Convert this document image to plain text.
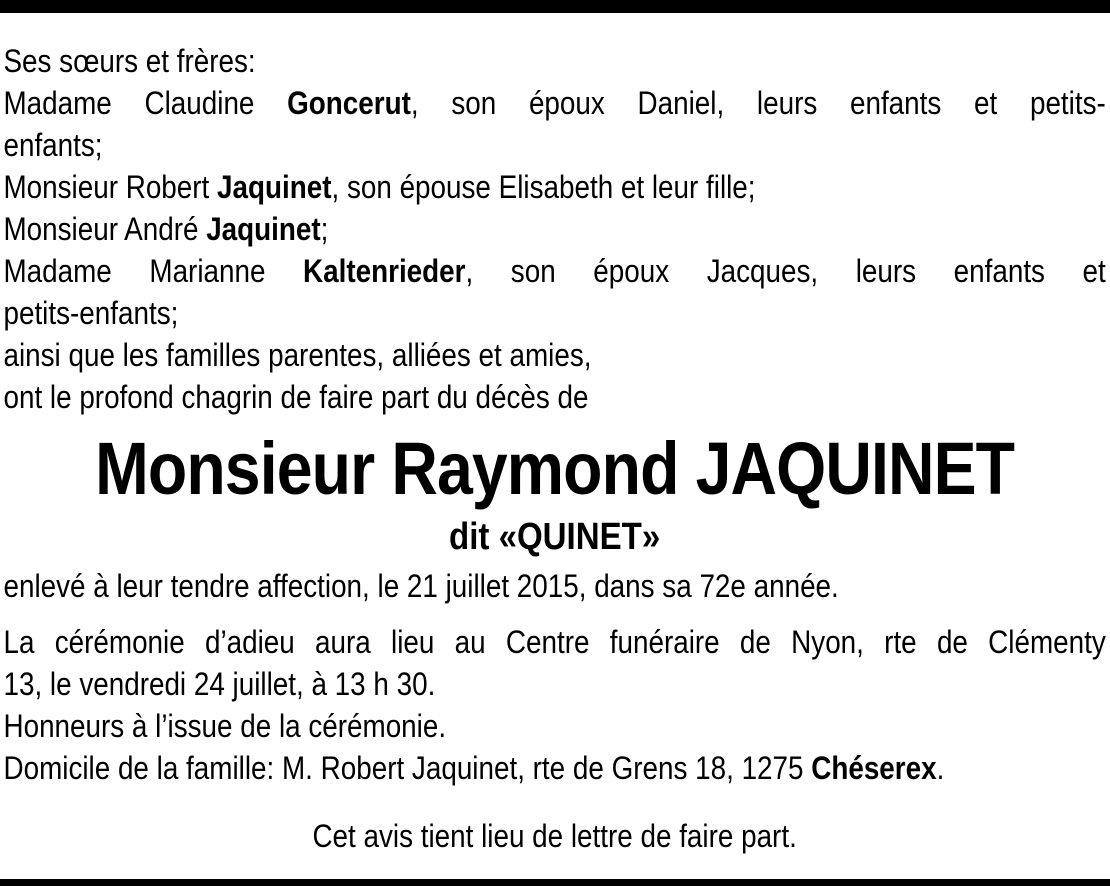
Ses sœurs et frères:
Madame Claudine Goncerut, son époux Daniel, leurs enfants et petits-
enfants;
Monsieur Robert Jaquinet, son épouse Elisabeth et leur fille;
Monsieur André Jaquinet;
Madame Marianne Kaltenrieder, son époux Jacques, leurs enfants et
petits-enfants;
ainsi que les familles parentes, alliées et amies,
ont le profond chagrin de faire part du décès de
Monsieur Raymond JAQUINET
dit «QUINET»
enlevé à leur tendre affection, le 21 juillet 2015, dans sa 72e année.
La cérémonie d’adieu aura lieu au Centre funéraire de Nyon, rte de Clémenty
13, le vendredi 24 juillet, à 13 h 30.
Honneurs à l’issue de la cérémonie.
Domicile de la famille: M. Robert Jaquinet, rte de Grens 18, 1275 Chéserex.
Cet avis tient lieu de lettre de faire part.
